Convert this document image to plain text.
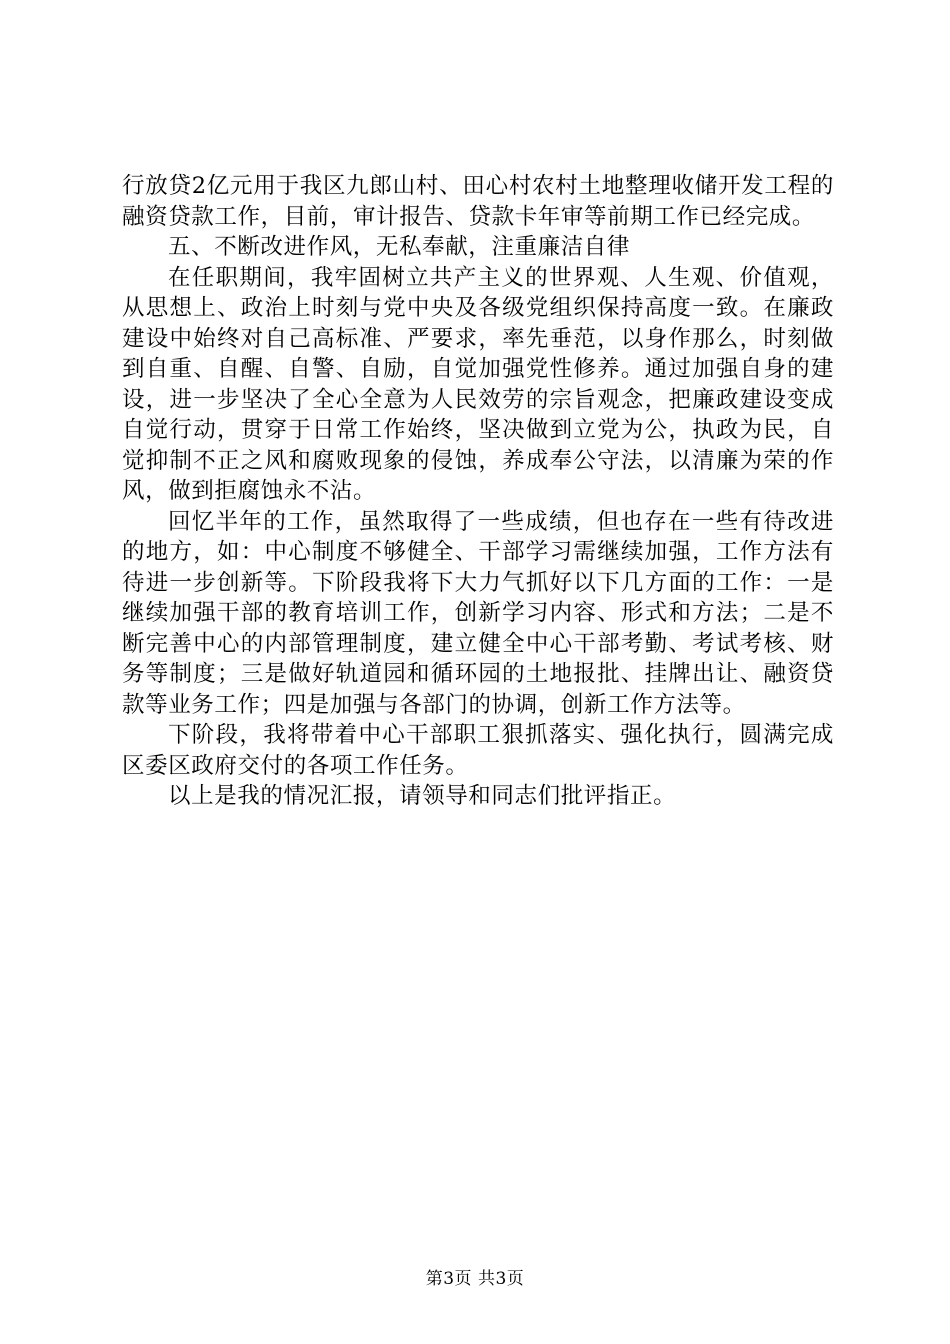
行放贷2亿元用于我区九郎山村、田心村农村土地整理收储开发工程的融资贷款工作，目前，审计报告、贷款卡年审等前期工作已经完成。

五、不断改进作风，无私奉献，注重廉洁自律

在任职期间，我牢固树立共产主义的世界观、人生观、价值观，从思想上、政治上时刻与党中央及各级党组织保持高度一致。在廉政建设中始终对自己高标准、严要求，率先垂范，以身作那么，时刻做到自重、自醒、自警、自励，自觉加强党性修养。通过加强自身的建设，进一步坚决了全心全意为人民效劳的宗旨观念，把廉政建设变成自觉行动，贯穿于日常工作始终，坚决做到立党为公，执政为民，自觉抑制不正之风和腐败现象的侵蚀，养成奉公守法，以清廉为荣的作风，做到拒腐蚀永不沾。

回忆半年的工作，虽然取得了一些成绩，但也存在一些有待改进的地方，如：中心制度不够健全、干部学习需继续加强，工作方法有待进一步创新等。下阶段我将下大力气抓好以下几方面的工作：一是继续加强干部的教育培训工作，创新学习内容、形式和方法；二是不断完善中心的内部管理制度，建立健全中心干部考勤、考试考核、财务等制度；三是做好轨道园和循环园的土地报批、挂牌出让、融资贷款等业务工作；四是加强与各部门的协调，创新工作方法等。

下阶段，我将带着中心干部职工狠抓落实、强化执行，圆满完成区委区政府交付的各项工作任务。

以上是我的情况汇报，请领导和同志们批评指正。

第3页 共3页
